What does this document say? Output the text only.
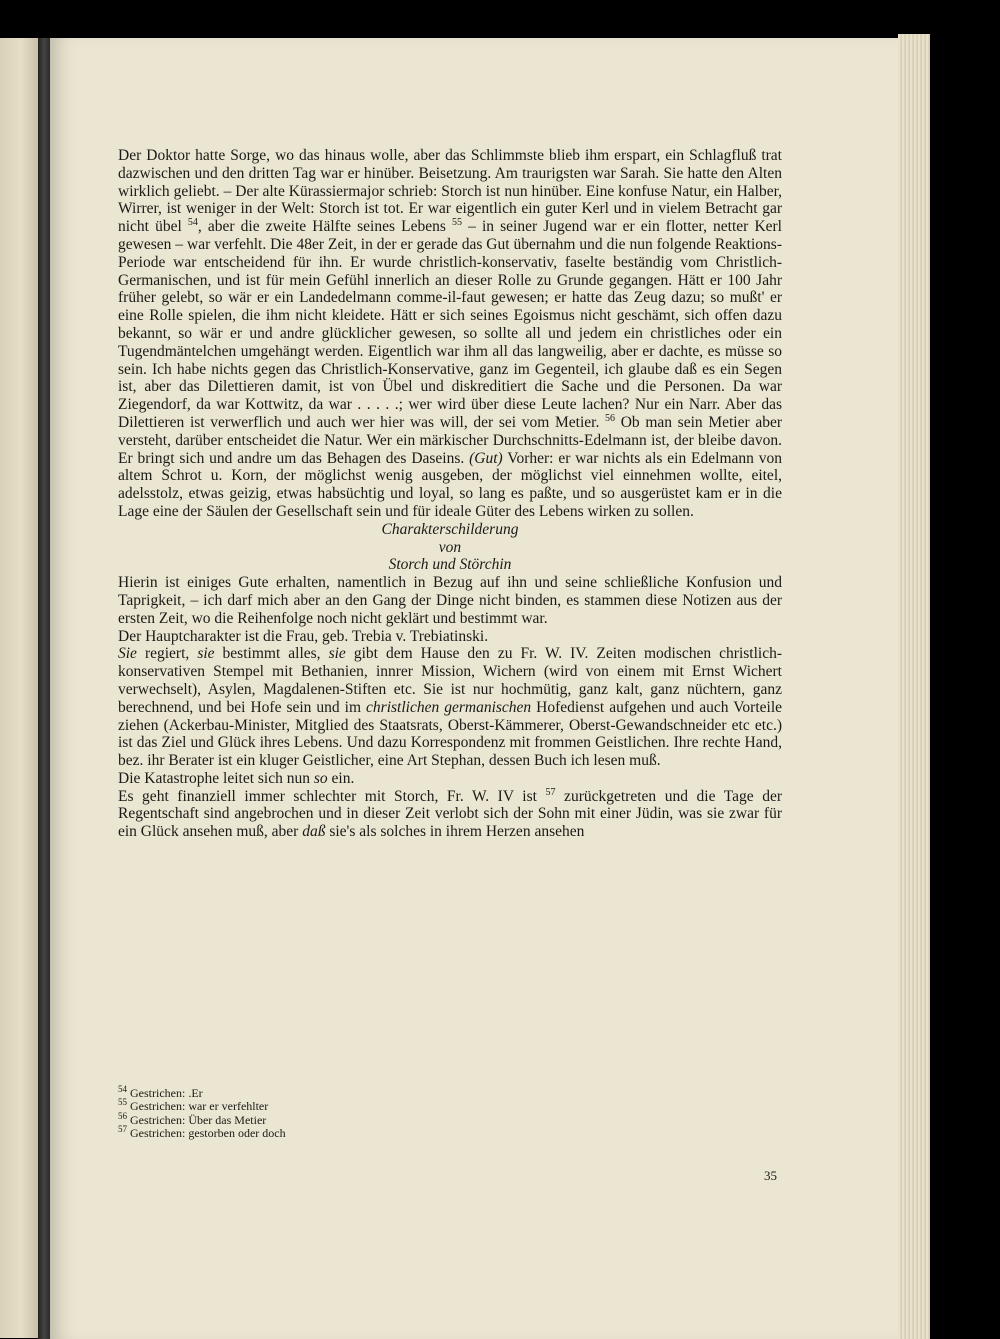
Der Doktor hatte Sorge, wo das hinaus wolle, aber das Schlimmste blieb ihm erspart, ein Schlagfluß trat dazwischen und den dritten Tag war er hinüber. Beisetzung. Am traurigsten war Sarah. Sie hatte den Alten wirklich geliebt. – Der alte Kürassiermajor schrieb: Storch ist nun hinüber. Eine konfuse Natur, ein Halber, Wirrer, ist weniger in der Welt: Storch ist tot. Er war eigentlich ein guter Kerl und in vielem Betracht gar nicht übel $^{54}$, aber die zweite Hälfte seines Lebens $^{55}$ – in seiner Jugend war er ein flotter, netter Kerl gewesen – war verfehlt. Die 48er Zeit, in der er gerade das Gut übernahm und die nun folgende Reaktions-Periode war entscheidend für ihn. Er wurde christlich-konservativ, faselte beständig vom Christlich-Germanischen, und ist für mein Gefühl innerlich an dieser Rolle zu Grunde gegangen. Hätt er 100 Jahr früher gelebt, so wär er ein Landedelmann comme-il-faut gewesen; er hatte das Zeug dazu; so mußt' er eine Rolle spielen, die ihm nicht kleidete. Hätt er sich seines Egoismus nicht geschämt, sich offen dazu bekannt, so wär er und andre glücklicher gewesen, so sollte all und jedem ein christliches oder ein Tugendmäntelchen umgehängt werden. Eigentlich war ihm all das langweilig, aber er dachte, es müsse so sein. Ich habe nichts gegen das Christlich-Konservative, ganz im Gegenteil, ich glaube daß es ein Segen ist, aber das Dilettieren damit, ist von Übel und diskreditiert die Sache und die Personen. Da war Ziegendorf, da war Kottwitz, da war . . . . .; wer wird über diese Leute lachen? Nur ein Narr. Aber das Dilettieren ist verwerflich und auch wer hier was will, der sei vom Metier. $^{56}$ Ob man sein Metier aber versteht, darüber entscheidet die Natur. Wer ein märkischer Durchschnitts-Edelmann ist, der bleibe davon. Er bringt sich und andre um das Behagen des Daseins. (Gut) Vorher: er war nichts als ein Edelmann von altem Schrot u. Korn, der möglichst wenig ausgeben, der möglichst viel einnehmen wollte, eitel, adelsstolz, etwas geizig, etwas habsüchtig und loyal, so lang es paßte, und so ausgerüstet kam er in die Lage eine der Säulen der Gesellschaft sein und für ideale Güter des Lebens wirken zu sollen.

Charakterschilderung

von

Storch und Störchin

Hierin ist einiges Gute erhalten, namentlich in Bezug auf ihn und seine schließliche Konfusion und Taprigkeit, – ich darf mich aber an den Gang der Dinge nicht binden, es stammen diese Notizen aus der ersten Zeit, wo die Reihenfolge noch nicht geklärt und bestimmt war.

Der Hauptcharakter ist die Frau, geb. Trebia v. Trebiatinski.

Sie regiert, sie bestimmt alles, sie gibt dem Hause den zu Fr. W. IV. Zeiten modischen christlich-konservativen Stempel mit Bethanien, innrer Mission, Wichern (wird von einem mit Ernst Wichert verwechselt), Asylen, Magdalenen-Stiften etc. Sie ist nur hochmütig, ganz kalt, ganz nüchtern, ganz berechnend, und bei Hofe sein und im christlichen germanischen Hofedienst aufgehen und auch Vorteile ziehen (Ackerbau-Minister, Mitglied des Staatsrats, Oberst-Kämmerer, Oberst-Gewandschneider etc etc.) ist das Ziel und Glück ihres Lebens. Und dazu Korrespondenz mit frommen Geistlichen. Ihre rechte Hand, bez. ihr Berater ist ein kluger Geistlicher, eine Art Stephan, dessen Buch ich lesen muß.

Die Katastrophe leitet sich nun so ein.

Es geht finanziell immer schlechter mit Storch, Fr. W. IV ist $^{57}$ zurückgetreten und die Tage der Regentschaft sind angebrochen und in dieser Zeit verlobt sich der Sohn mit einer Jüdin, was sie zwar für ein Glück ansehen muß, aber daß sie's als solches in ihrem Herzen ansehen

$^{54}$ Gestrichen: .Er
$^{55}$ Gestrichen: war er verfehlter
$^{56}$ Gestrichen: Über das Metier
$^{57}$ Gestrichen: gestorben oder doch
35
